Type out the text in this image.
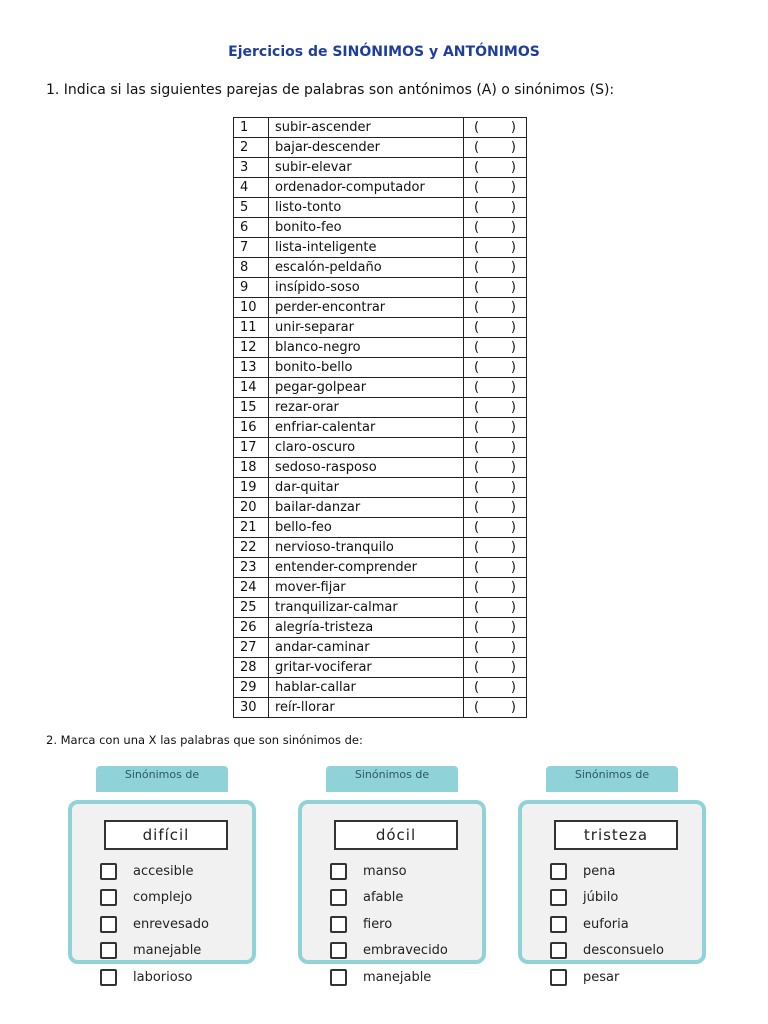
Ejercicios de SINÓNIMOS y ANTÓNIMOS
1. Indica si las siguientes parejas de palabras son antónimos (A) o sinónimos (S):
1	subir-ascender	( )

2	bajar-descender	( )

3	subir-elevar	( )

4	ordenador-computador	( )

5	listo-tonto	( )

6	bonito-feo	( )

7	lista-inteligente	( )

8	escalón-peldaño	( )

9	insípido-soso	( )

10	perder-encontrar	( )

11	unir-separar	( )

12	blanco-negro	( )

13	bonito-bello	( )

14	pegar-golpear	( )

15	rezar-orar	( )

16	enfriar-calentar	( )

17	claro-oscuro	( )

18	sedoso-rasposo	( )

19	dar-quitar	( )

20	bailar-danzar	( )

21	bello-feo	( )

22	nervioso-tranquilo	( )

23	entender-comprender	( )

24	mover-fijar	( )

25	tranquilizar-calmar	( )

26	alegría-tristeza	( )

27	andar-caminar	( )

28	gritar-vociferar	( )

29	hablar-callar	( )

30	reír-llorar	( )
2. Marca con una X las palabras que son sinónimos de:
Sinónimos de
difícil
accesible
complejo
enrevesado
manejable
laborioso
Sinónimos de
dócil
manso
afable
fiero
embravecido
manejable
Sinónimos de
tristeza
pena
júbilo
euforia
desconsuelo
pesar
